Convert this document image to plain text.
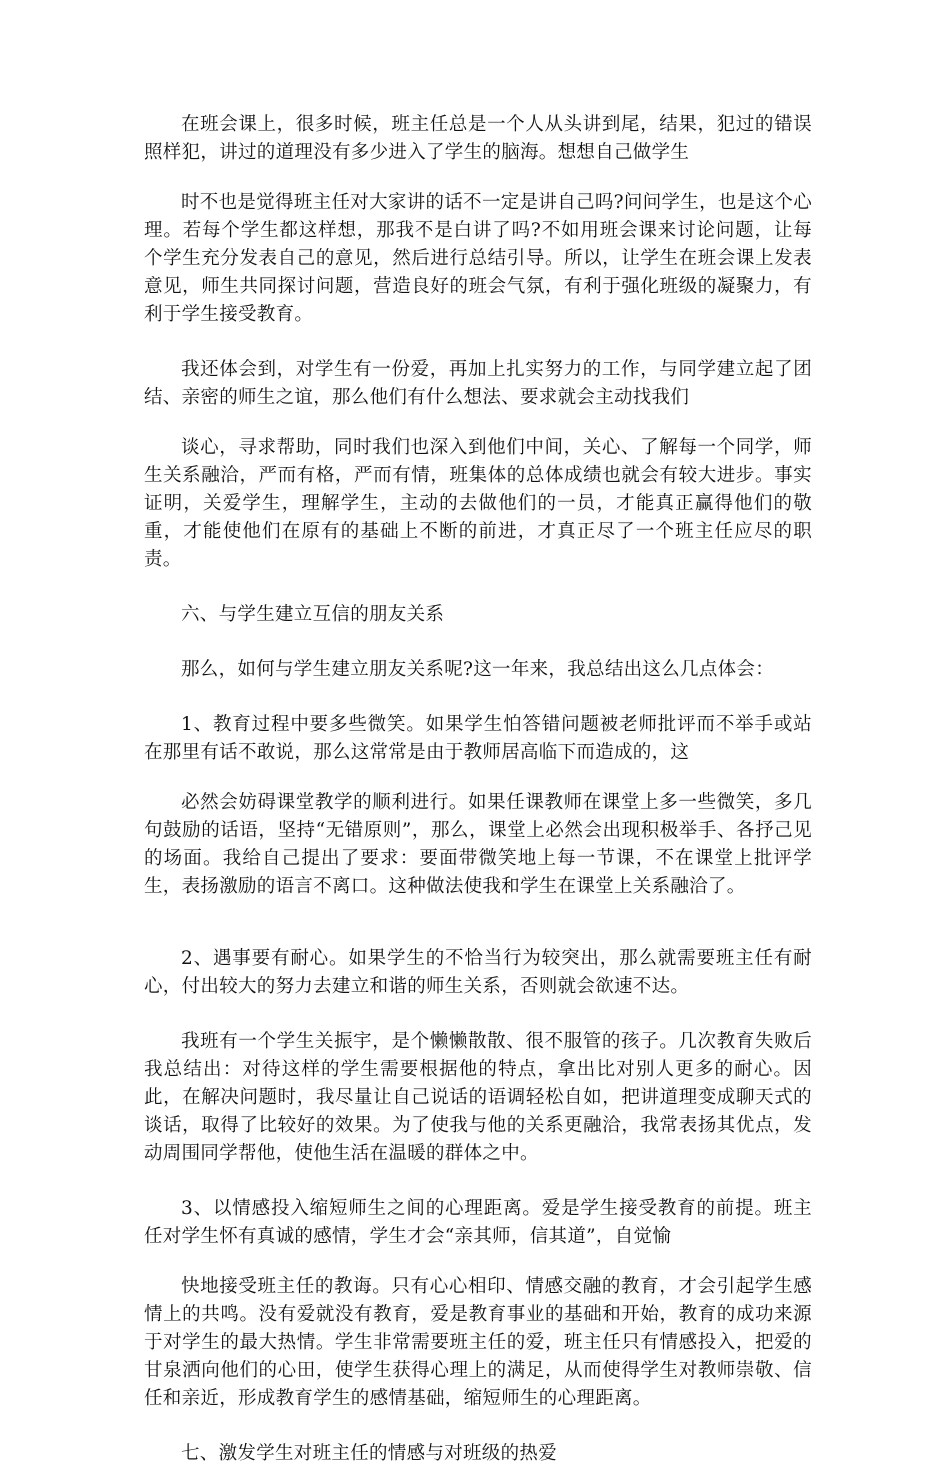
在班会课上，很多时候，班主任总是一个人从头讲到尾，结果，犯过的错误照样犯，讲过的道理没有多少进入了学生的脑海。想想自己做学生

时不也是觉得班主任对大家讲的话不一定是讲自己吗?问问学生，也是这个心理。若每个学生都这样想，那我不是白讲了吗?不如用班会课来讨论问题，让每个学生充分发表自己的意见，然后进行总结引导。所以，让学生在班会课上发表意见，师生共同探讨问题，营造良好的班会气氛，有利于强化班级的凝聚力，有利于学生接受教育。

我还体会到，对学生有一份爱，再加上扎实努力的工作，与同学建立起了团结、亲密的师生之谊，那么他们有什么想法、要求就会主动找我们

谈心，寻求帮助，同时我们也深入到他们中间，关心、了解每一个同学，师生关系融洽，严而有格，严而有情，班集体的总体成绩也就会有较大进步。事实证明，关爱学生，理解学生，主动的去做他们的一员，才能真正赢得他们的敬重，才能使他们在原有的基础上不断的前进，才真正尽了一个班主任应尽的职责。

六、与学生建立互信的朋友关系

那么，如何与学生建立朋友关系呢?这一年来，我总结出这么几点体会：

1、教育过程中要多些微笑。如果学生怕答错问题被老师批评而不举手或站在那里有话不敢说，那么这常常是由于教师居高临下而造成的，这

必然会妨碍课堂教学的顺利进行。如果任课教师在课堂上多一些微笑，多几句鼓励的话语，坚持“无错原则”，那么，课堂上必然会出现积极举手、各抒己见的场面。我给自己提出了要求：要面带微笑地上每一节课，不在课堂上批评学生，表扬激励的语言不离口。这种做法使我和学生在课堂上关系融洽了。

2、遇事要有耐心。如果学生的不恰当行为较突出，那么就需要班主任有耐心，付出较大的努力去建立和谐的师生关系，否则就会欲速不达。

我班有一个学生关振宇，是个懒懒散散、很不服管的孩子。几次教育失败后我总结出：对待这样的学生需要根据他的特点，拿出比对别人更多的耐心。因此，在解决问题时，我尽量让自己说话的语调轻松自如，把讲道理变成聊天式的谈话，取得了比较好的效果。为了使我与他的关系更融洽，我常表扬其优点，发动周围同学帮他，使他生活在温暖的群体之中。

3、以情感投入缩短师生之间的心理距离。爱是学生接受教育的前提。班主任对学生怀有真诚的感情，学生才会“亲其师，信其道”，自觉愉

快地接受班主任的教诲。只有心心相印、情感交融的教育，才会引起学生感情上的共鸣。没有爱就没有教育，爱是教育事业的基础和开始，教育的成功来源于对学生的最大热情。学生非常需要班主任的爱，班主任只有情感投入，把爱的甘泉洒向他们的心田，使学生获得心理上的满足，从而使得学生对教师崇敬、信任和亲近，形成教育学生的感情基础，缩短师生的心理距离。

七、激发学生对班主任的情感与对班级的热爱
